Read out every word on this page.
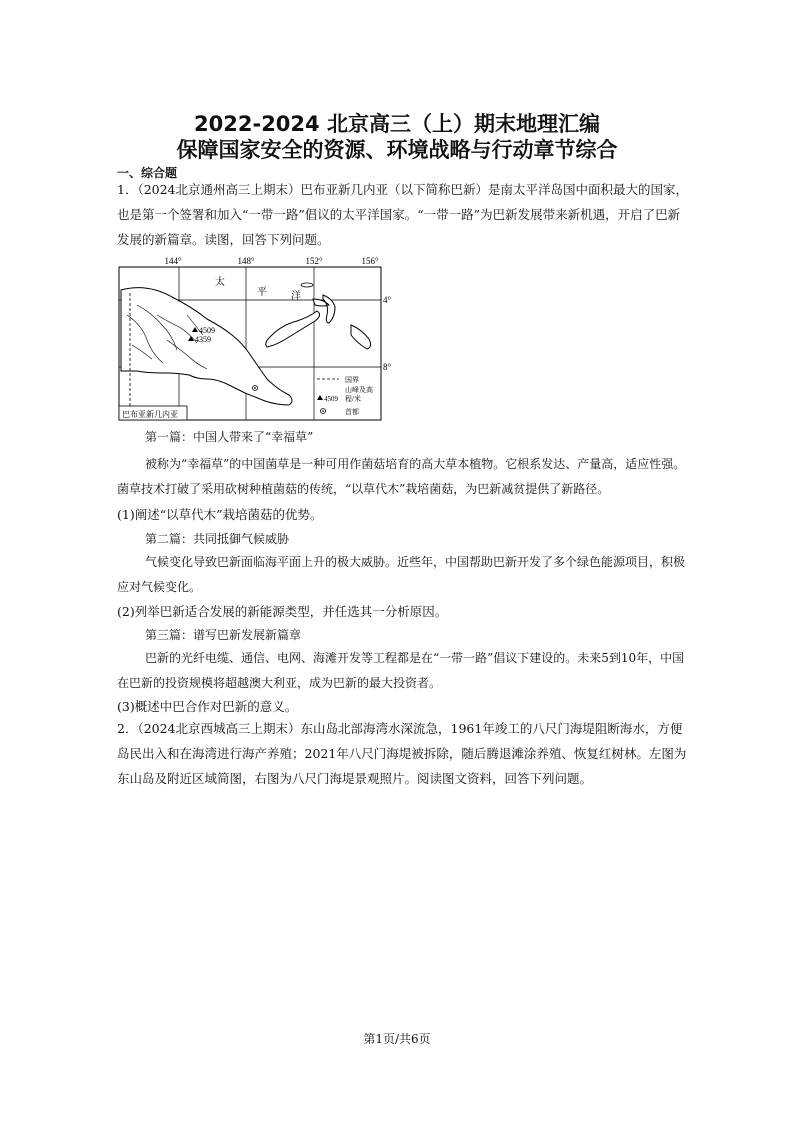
2022-2024 北京高三（上）期末地理汇编
保障国家安全的资源、环境战略与行动章节综合
一、综合题
1．（2024北京通州高三上期末）巴布亚新几内亚（以下简称巴新）是南太平洋岛国中面积最大的国家，也是第一个签署和加入“一带一路”倡议的太平洋国家。“一带一路”为巴新发展带来新机遇，开启了巴新发展的新篇章。读图，回答下列问题。
144°	148°	152°	156°
4°
8°
太
平 洋
4509
4359
巴布亚新几内亚
国界
山峰及高
4509 程/米
首都
第一篇：中国人带来了“幸福草”
被称为“幸福草”的中国菌草是一种可用作菌菇培育的高大草本植物。它根系发达、产量高，适应性强。菌草技术打破了采用砍树种植菌菇的传统，“以草代木”栽培菌菇，为巴新减贫提供了新路径。
(1)阐述“以草代木”栽培菌菇的优势。
第二篇：共同抵御气候威胁
气候变化导致巴新面临海平面上升的极大威胁。近些年，中国帮助巴新开发了多个绿色能源项目，积极应对气候变化。
(2)列举巴新适合发展的新能源类型，并任选其一分析原因。
第三篇：谱写巴新发展新篇章
巴新的光纤电缆、通信、电网、海滩开发等工程都是在“一带一路”倡议下建设的。未来5到10年，中国在巴新的投资规模将超越澳大利亚，成为巴新的最大投资者。
(3)概述中巴合作对巴新的意义。
2．（2024北京西城高三上期末）东山岛北部海湾水深流急，1961年竣工的八尺门海堤阻断海水，方便岛民出入和在海湾进行海产养殖；2021年八尺门海堤被拆除，随后腾退滩涂养殖、恢复红树林。左图为东山岛及附近区域简图，右图为八尺门海堤景观照片。阅读图文资料，回答下列问题。
第1页/共6页
